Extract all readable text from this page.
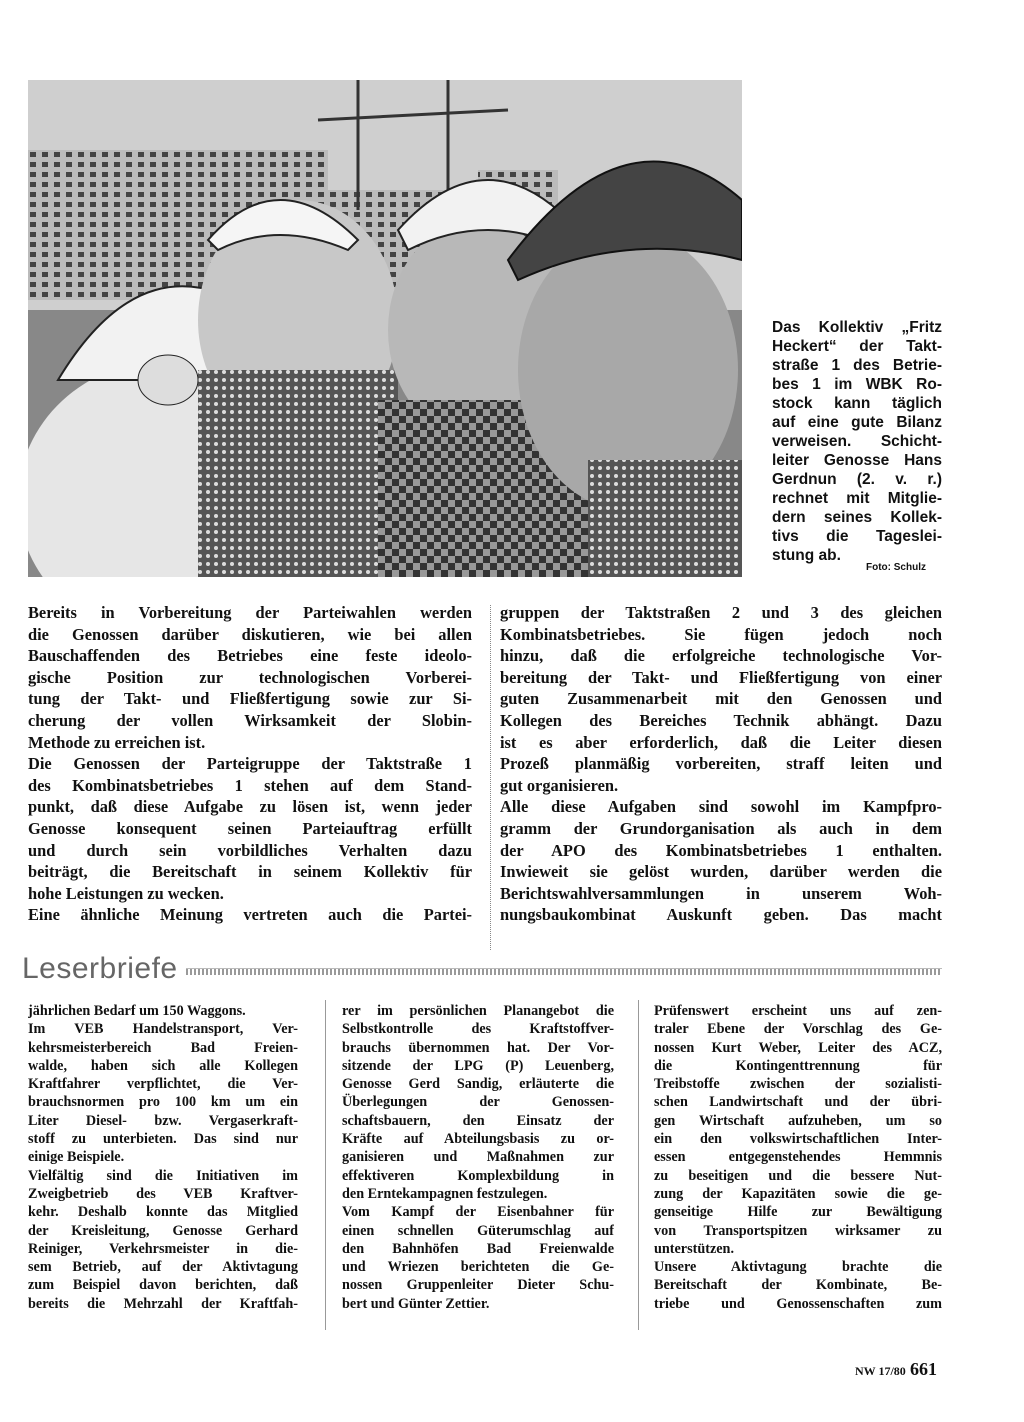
Das Kollektiv „Fritz
Heckert“ der Takt-
straße 1 des Betrie-
bes 1 im WBK Ro-
stock kann täglich
auf eine gute Bilanz
verweisen. Schicht-
leiter Genosse Hans
Gerdnun (2. v. r.)
rechnet mit Mitglie-
dern seines Kollek-
tivs die Tageslei-
stung ab.
Foto: Schulz
Bereits in Vorbereitung der Parteiwahlen werden
die Genossen darüber diskutieren, wie bei allen
Bauschaffenden des Betriebes eine feste ideolo-
gische Position zur technologischen Vorberei-
tung der Takt- und Fließfertigung sowie zur Si-
cherung der vollen Wirksamkeit der Slobin-
Methode zu erreichen ist.
Die Genossen der Parteigruppe der Taktstraße 1
des Kombinatsbetriebes 1 stehen auf dem Stand-
punkt, daß diese Aufgabe zu lösen ist, wenn jeder
Genosse konsequent seinen Parteiauftrag erfüllt
und durch sein vorbildliches Verhalten dazu
beiträgt, die Bereitschaft in seinem Kollektiv für
hohe Leistungen zu wecken.
Eine ähnliche Meinung vertreten auch die Partei-
gruppen der Taktstraßen 2 und 3 des gleichen
Kombinatsbetriebes. Sie fügen jedoch noch
hinzu, daß die erfolgreiche technologische Vor-
bereitung der Takt- und Fließfertigung von einer
guten Zusammenarbeit mit den Genossen und
Kollegen des Bereiches Technik abhängt. Dazu
ist es aber erforderlich, daß die Leiter diesen
Prozeß planmäßig vorbereiten, straff leiten und
gut organisieren.
Alle diese Aufgaben sind sowohl im Kampfpro-
gramm der Grundorganisation als auch in dem
der APO des Kombinatsbetriebes 1 enthalten.
Inwieweit sie gelöst wurden, darüber werden die
Berichtswahlversammlungen in unserem Woh-
nungsbaukombinat Auskunft geben. Das macht
Leserbriefe
jährlichen Bedarf um 150 Waggons.
Im VEB Handelstransport, Ver-
kehrsmeisterbereich Bad Freien-
walde, haben sich alle Kollegen
Kraftfahrer verpflichtet, die Ver-
brauchsnormen pro 100 km um ein
Liter Diesel- bzw. Vergaserkraft-
stoff zu unterbieten. Das sind nur
einige Beispiele.
Vielfältig sind die Initiativen im
Zweigbetrieb des VEB Kraftver-
kehr. Deshalb konnte das Mitglied
der Kreisleitung, Genosse Gerhard
Reiniger, Verkehrsmeister in die-
sem Betrieb, auf der Aktivtagung
zum Beispiel davon berichten, daß
bereits die Mehrzahl der Kraftfah-
rer im persönlichen Planangebot die
Selbstkontrolle des Kraftstoffver-
brauchs übernommen hat. Der Vor-
sitzende der LPG (P) Leuenberg,
Genosse Gerd Sandig, erläuterte die
Überlegungen der Genossen-
schaftsbauern, den Einsatz der
Kräfte auf Abteilungsbasis zu or-
ganisieren und Maßnahmen zur
effektiveren Komplexbildung in
den Erntekampagnen festzulegen.
Vom Kampf der Eisenbahner für
einen schnellen Güterumschlag auf
den Bahnhöfen Bad Freienwalde
und Wriezen berichteten die Ge-
nossen Gruppenleiter Dieter Schu-
bert und Günter Zettier.
Prüfenswert erscheint uns auf zen-
traler Ebene der Vorschlag des Ge-
nossen Kurt Weber, Leiter des ACZ,
die Kontingenttrennung für
Treibstoffe zwischen der sozialisti-
schen Landwirtschaft und der übri-
gen Wirtschaft aufzuheben, um so
ein den volkswirtschaftlichen Inter-
essen entgegenstehendes Hemmnis
zu beseitigen und die bessere Nut-
zung der Kapazitäten sowie die ge-
genseitige Hilfe zur Bewältigung
von Transportspitzen wirksamer zu
unterstützen.
Unsere Aktivtagung brachte die
Bereitschaft der Kombinate, Be-
triebe und Genossenschaften zum
NW 17/80 661
